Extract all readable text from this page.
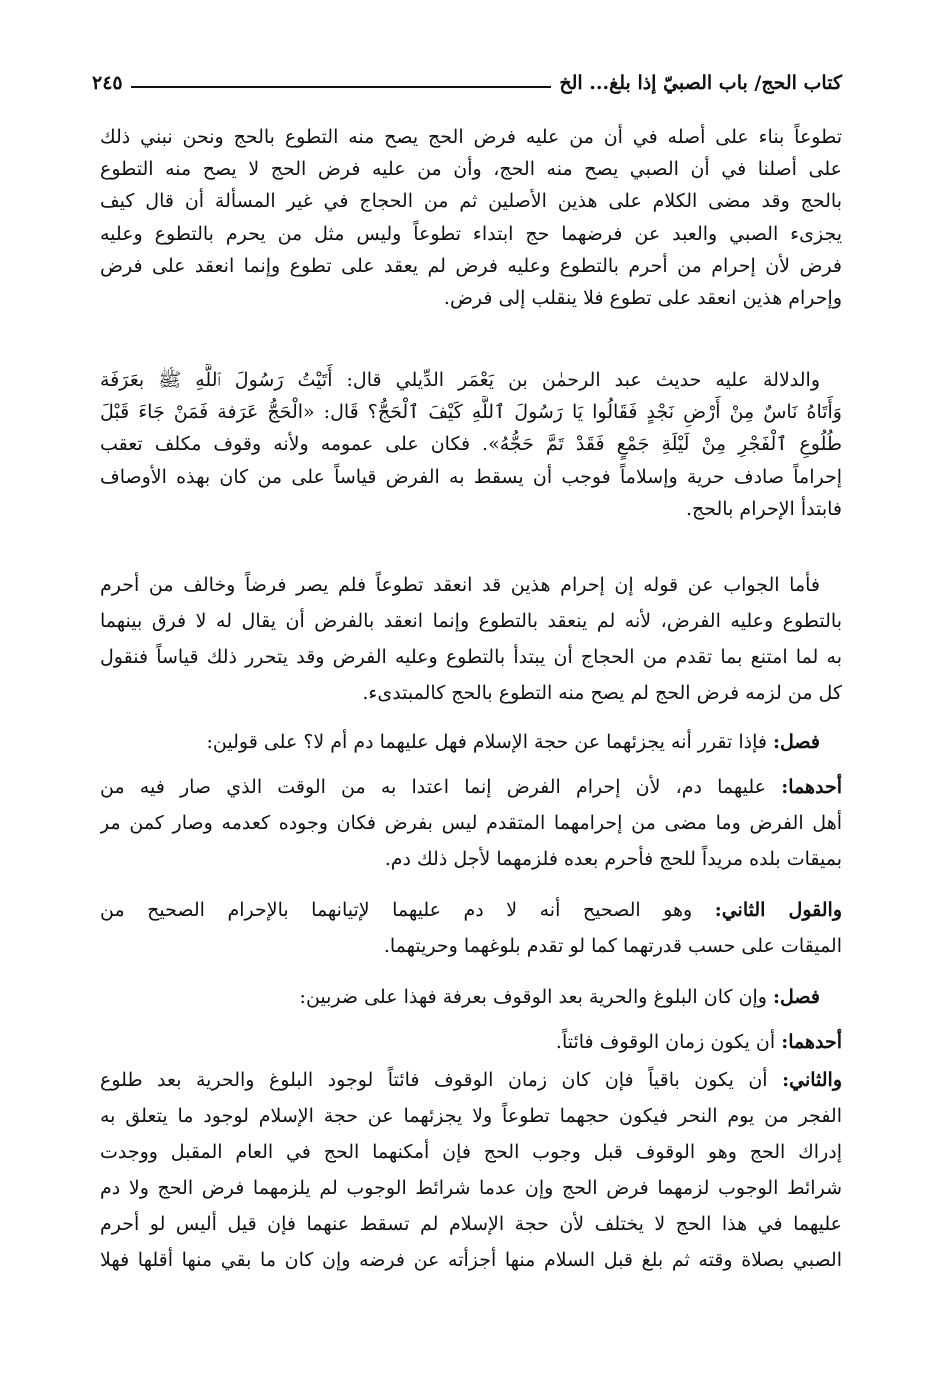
كتاب الحج/ باب الصبيّ إذا بلغ... الخ
٢٤٥
تطوعاً بناء على أصله في أن من عليه فرض الحج يصح منه التطوع بالحج ونحن نبني ذلك
على أصلنا في أن الصبي يصح منه الحج، وأن من عليه فرض الحج لا يصح منه التطوع
بالحج وقد مضى الكلام على هذين الأصلين ثم من الحجاج في غير المسألة أن قال كيف
يجزىء الصبي والعبد عن فرضهما حج ابتداء تطوعاً وليس مثل من يحرم بالتطوع وعليه
فرض لأن إحرام من أحرم بالتطوع وعليه فرض لم يعقد على تطوع وإنما انعقد على فرض
وإحرام هذين انعقد على تطوع فلا ينقلب إلى فرض.
والدلالة عليه حديث عبد الرحمٰن بن يَعْمَر الدِّيلي قال: أَتَيْتُ رَسُولَ ٱللَّهِ ﷺ بعَرَفَة
وَأَتَاهُ نَاسٌ مِنْ أَرْضِ نَجْدٍ فَقَالُوا يَا رَسُولَ ٱللَّهِ كَيْفَ ٱلْحَجُّ؟ قَال: «الْحَجُّ عَرَفة فَمَنْ جَاءَ قَبْلَ
طُلُوعِ ٱلْفَجْرِ مِنْ لَيْلَةِ جَمْعٍ فَقَدْ تَمَّ حَجُّهُ». فكان على عمومه ولأنه وقوف مكلف تعقب
إحراماً صادف حرية وإسلاماً فوجب أن يسقط به الفرض قياساً على من كان بهذه الأوصاف
فابتدأ الإحرام بالحج.
فأما الجواب عن قوله إن إحرام هذين قد انعقد تطوعاً فلم يصر فرضاً وخالف من أحرم
بالتطوع وعليه الفرض، لأنه لم ينعقد بالتطوع وإنما انعقد بالفرض أن يقال له لا فرق بينهما
به لما امتنع بما تقدم من الحجاج أن يبتدأ بالتطوع وعليه الفرض وقد يتحرر ذلك قياساً فنقول
كل من لزمه فرض الحج لم يصح منه التطوع بالحج كالمبتدىء.
فصل: فإذا تقرر أنه يجزئهما عن حجة الإسلام فهل عليهما دم أم لا؟ على قولين:
أحدهما: عليهما دم، لأن إحرام الفرض إنما اعتدا به من الوقت الذي صار فيه من
أهل الفرض وما مضى من إحرامهما المتقدم ليس بفرض فكان وجوده كعدمه وصار كمن مر
بميقات بلده مريداً للحج فأحرم بعده فلزمهما لأجل ذلك دم.
والقول الثاني: وهو الصحيح أنه لا دم عليهما لإتيانهما بالإحرام الصحيح من
الميقات على حسب قدرتهما كما لو تقدم بلوغهما وحريتهما.
فصل: وإن كان البلوغ والحرية بعد الوقوف بعرفة فهذا على ضربين:
أحدهما: أن يكون زمان الوقوف فائتاً.
والثاني: أن يكون باقياً فإن كان زمان الوقوف فائتاً لوجود البلوغ والحرية بعد طلوع
الفجر من يوم النحر فيكون حجهما تطوعاً ولا يجزئهما عن حجة الإسلام لوجود ما يتعلق به
إدراك الحج وهو الوقوف قبل وجوب الحج فإن أمكنهما الحج في العام المقبل ووجدت
شرائط الوجوب لزمهما فرض الحج وإن عدما شرائط الوجوب لم يلزمهما فرض الحج ولا دم
عليهما في هذا الحج لا يختلف لأن حجة الإسلام لم تسقط عنهما فإن قيل أليس لو أحرم
الصبي بصلاة وقته ثم بلغ قبل السلام منها أجزأته عن فرضه وإن كان ما بقي منها أقلها فهلا
